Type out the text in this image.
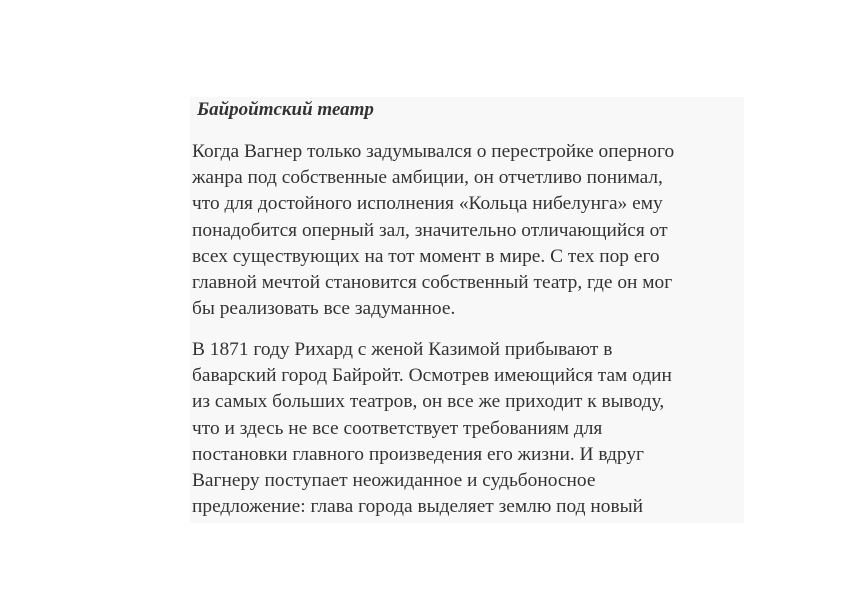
Байройтский театр

Когда Вагнер только задумывался о перестройке оперного
жанра под собственные амбиции, он отчетливо понимал,
что для достойного исполнения «Кольца нибелунга» ему
понадобится оперный зал, значительно отличающийся от
всех существующих на тот момент в мире. С тех пор его
главной мечтой становится собственный театр, где он мог
бы реализовать все задуманное.

В 1871 году Рихард с женой Казимой прибывают в
баварский город Байройт. Осмотрев имеющийся там один
из самых больших театров, он все же приходит к выводу,
что и здесь не все соответствует требованиям для
постановки главного произведения его жизни. И вдруг
Вагнеру поступает неожиданное и судьбоносное
предложение: глава города выделяет землю под новый
